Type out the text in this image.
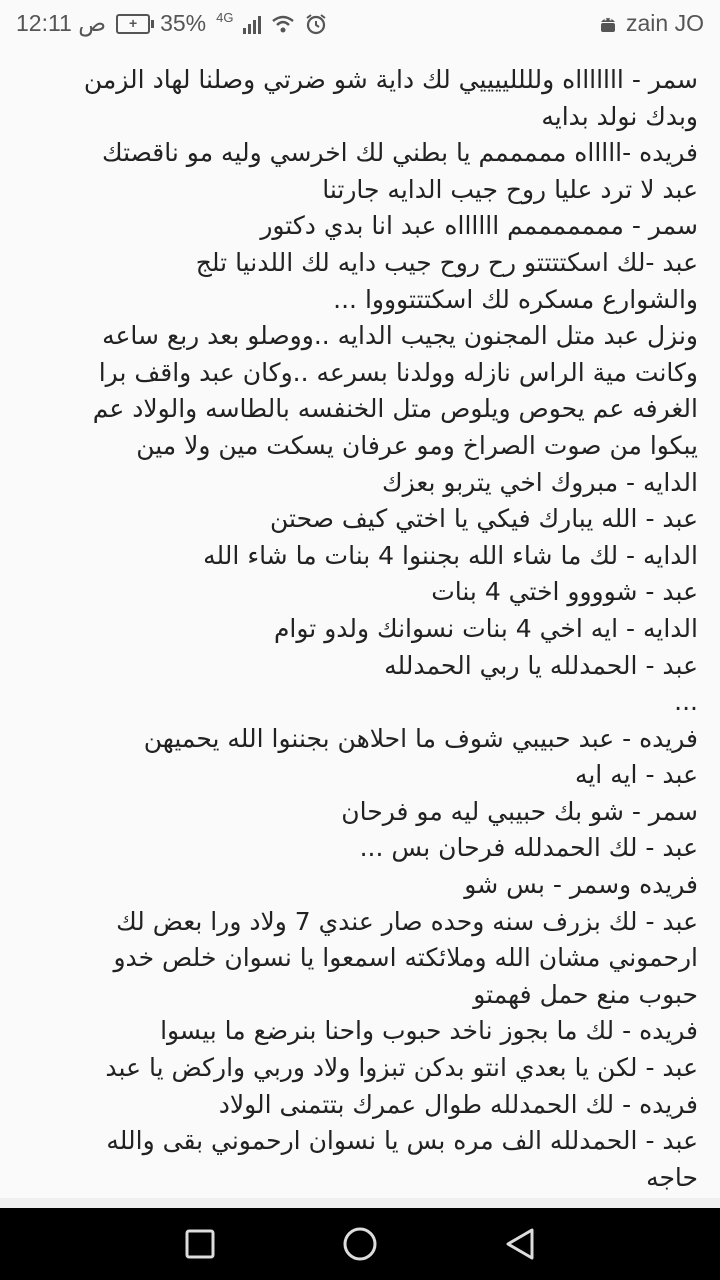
12:11 ص	+ 35% 4G	zain JO
سمر - اااااااه وللللييييي لك داية شو ضرتي وصلنا لهاد الزمن
وبدك نولد بدايه
فريده -اااااه مممممم يا بطني لك اخرسي وليه مو ناقصتك
عبد لا ترد عليا روح جيب الدايه جارتنا
سمر - مممممممم ااااااه عبد انا بدي دكتور
عبد -لك اسكتتتتو رح روح جيب دايه لك اللدنيا تلج
والشوارع مسكره لك اسكتتتوووا ...
ونزل عبد متل المجنون يجيب الدايه ..ووصلو بعد ربع ساعه
وكانت مية الراس نازله وولدنا بسرعه ..وكان عبد واقف برا
الغرفه عم يحوص ويلوص متل الخنفسه بالطاسه والولاد عم
يبكوا من صوت الصراخ ومو عرفان يسكت مين ولا مين
الدايه - مبروك اخي يتربو بعزك
عبد - الله يبارك فيكي يا اختي كيف صحتن
الدايه - لك ما شاء الله بجننوا 4 بنات ما شاء الله
عبد - شوووو اختي 4 بنات
الدايه - ايه اخي 4 بنات نسوانك ولدو توام
عبد - الحمدلله يا ربي الحمدلله
...
فريده - عبد حبيبي شوف ما احلاهن بجننوا الله يحميهن
عبد - ايه ايه
سمر - شو بك حبيبي ليه مو فرحان
عبد - لك الحمدلله فرحان بس ...
فريده وسمر - بس شو
عبد - لك بزرف سنه وحده صار عندي 7 ولاد ورا بعض لك
ارحموني مشان الله وملائكته اسمعوا يا نسوان خلص خدو
حبوب منع حمل فهمتو
فريده - لك ما بجوز ناخد حبوب واحنا بنرضع ما بيسوا
عبد - لكن يا بعدي انتو بدكن تبزوا ولاد وربي واركض يا عبد
فريده - لك الحمدلله طوال عمرك بتتمنى الولاد
عبد - الحمدلله الف مره بس يا نسوان ارحموني بقى والله
حاجه
